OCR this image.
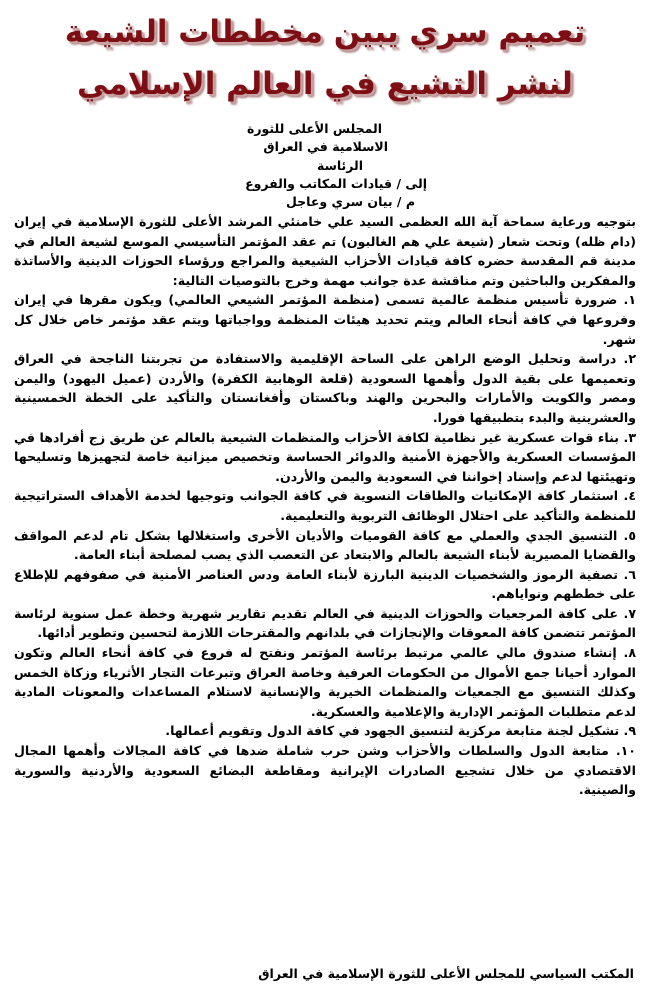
تعميم سري يبين مخططات الشيعة
لنشر التشيع في العالم الإسلامي
المجلس الأعلى للثورة
الاسلامية في العراق
الرئاسة
إلى / قيادات المكاتب والفروع
م / بيان سري وعاجل

بتوجيه ورعاية سماحة آية الله العظمى السيد علي خامنئي المرشد الأعلى للثورة الإسلامية في إيران (دام ظله) وتحت شعار (شيعة علي هم الغالبون) تم عقد المؤتمر التأسيسي الموسع لشيعة العالم في مدينة قم المقدسة حضره كافة قيادات الأحزاب الشيعية والمراجع ورؤساء الحوزات الدينية والأساتذة والمفكرين والباحثين وتم مناقشة عدة جوانب مهمة وخرج بالتوصيات التالية:

١. ضرورة تأسيس منظمة عالمية تسمى (منظمة المؤتمر الشيعي العالمي) ويكون مقرها في إيران وفروعها في كافة أنحاء العالم ويتم تحديد هيئات المنظمة وواجباتها ويتم عقد مؤتمر خاص خلال كل شهر.

٢. دراسة وتحليل الوضع الراهن على الساحة الإقليمية والاستفادة من تجربتنا الناجحة في العراق وتعميمها على بقية الدول وأهمها السعودية (قلعة الوهابية الكفرة) والأردن (عميل اليهود) واليمن ومصر والكويت والأمارات والبحرين والهند وباكستان وأفغانستان والتأكيد على الخطة الخمسينية والعشرينية والبدء بتطبيقها فورا.

٣. بناء قوات عسكرية غير نظامية لكافة الأحزاب والمنظمات الشيعية بالعالم عن طريق زج أفرادها في المؤسسات العسكرية والأجهزة الأمنية والدوائر الحساسة وتخصيص ميزانية خاصة لتجهيزها وتسليحها وتهيئتها لدعم وإسناد إخواننا في السعودية واليمن والأردن.

٤. استثمار كافة الإمكانيات والطاقات النسوية في كافة الجوانب وتوجيها لخدمة الأهداف الستراتيجية للمنظمة والتأكيد على احتلال الوظائف التربوية والتعليمية.

٥. التنسيق الجدي والعملي مع كافة القوميات والأديان الأخرى واستغلالها بشكل تام لدعم المواقف والقضايا المصيرية لأبناء الشيعة بالعالم والابتعاد عن التعصب الذي يصب لمصلحة أبناء العامة.

٦. تصفية الرموز والشخصيات الدينية البارزة لأبناء العامة ودس العناصر الأمنية في صفوفهم للإطلاع على خططهم ونواياهم.

٧. على كافة المرجعيات والحوزات الدينية في العالم تقديم تقارير شهرية وخطة عمل سنوية لرئاسة المؤتمر تتضمن كافة المعوقات والإنجازات في بلدانهم والمقترحات اللازمة لتحسين وتطوير أدائها.

٨. إنشاء صندوق مالي عالمي مرتبط برئاسة المؤتمر ونفتح له فروع في كافة أنحاء العالم وتكون الموارد أحيانا جمع الأموال من الحكومات العرفية وخاصة العراق وتبرعات التجار الأثرياء وزكاة الخمس وكذلك التنسيق مع الجمعيات والمنظمات الخيرية والإنسانية لاستلام المساعدات والمعونات المادية لدعم متطلبات المؤتمر الإدارية والإعلامية والعسكرية.

٩. تشكيل لجنة متابعة مركزية لتنسيق الجهود في كافة الدول وتقويم أعمالها.

١٠. متابعة الدول والسلطات والأحزاب وشن حرب شاملة ضدها في كافة المجالات وأهمها المجال الاقتصادي من خلال تشجيع الصادرات الإيرانية ومقاطعة البضائع السعودية والأردنية والسورية والصينية.

المكتب السياسي للمجلس الأعلى للثورة الإسلامية في العراق
